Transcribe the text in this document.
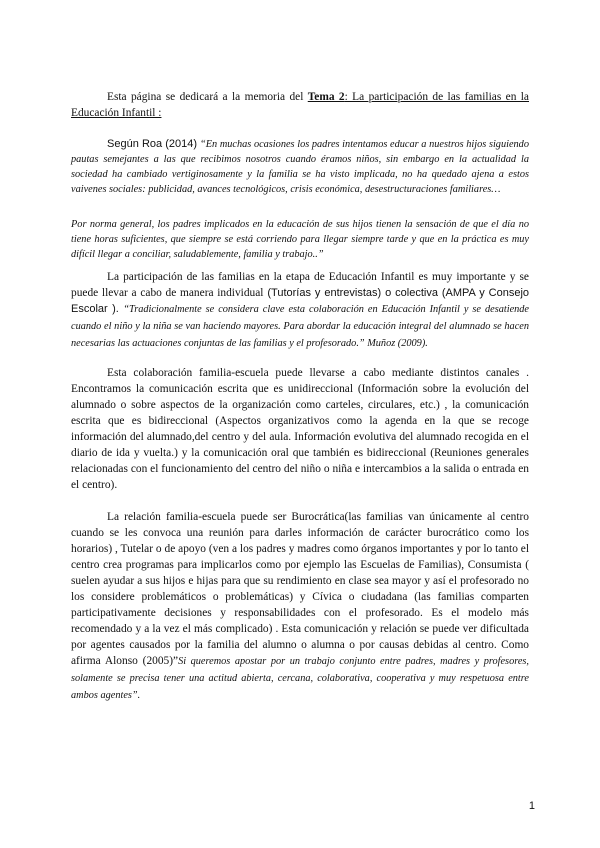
Esta página se dedicará a la memoria del Tema 2: La participación de las familias en la Educación Infantil :

Según Roa (2014) “En muchas ocasiones los padres intentamos educar a nuestros hijos siguiendo pautas semejantes a las que recibimos nosotros cuando éramos niños, sin embargo en la actualidad la sociedad ha cambiado vertiginosamente y la familia se ha visto implicada, no ha quedado ajena a estos vaivenes sociales: publicidad, avances tecnológicos, crisis económica, desestructuraciones familiares…

Por norma general, los padres implicados en la educación de sus hijos tienen la sensación de que el día no tiene horas suficientes, que siempre se está corriendo para llegar siempre tarde y que en la práctica es muy difícil llegar a conciliar, saludablemente, familia y trabajo..”

La participación de las familias en la etapa de Educación Infantil es muy importante y se puede llevar a cabo de manera individual (Tutorías y entrevistas) o colectiva (AMPA y Consejo Escolar ). “Tradicionalmente se considera clave esta colaboración en Educación Infantil y se desatiende cuando el niño y la niña se van haciendo mayores. Para abordar la educación integral del alumnado se hacen necesarias las actuaciones conjuntas de las familias y el profesorado.” Muñoz (2009).

Esta colaboración familia-escuela puede llevarse a cabo mediante distintos canales . Encontramos la comunicación escrita que es unidireccional (Información sobre la evolución del alumnado o sobre aspectos de la organización como carteles, circulares, etc.) , la comunicación escrita que es bidireccional (Aspectos organizativos como la agenda en la que se recoge información del alumnado,del centro y del aula. Información evolutiva del alumnado recogida en el diario de ida y vuelta.) y la comunicación oral que también es bidireccional (Reuniones generales relacionadas con el funcionamiento del centro del niño o niña e intercambios a la salida o entrada en el centro).

La relación familia-escuela puede ser Burocrática(las familias van únicamente al centro cuando se les convoca una reunión para darles información de carácter burocrático como los horarios) , Tutelar o de apoyo (ven a los padres y madres como órganos importantes y por lo tanto el centro crea programas para implicarlos como por ejemplo las Escuelas de Familias), Consumista ( suelen ayudar a sus hijos e hijas para que su rendimiento en clase sea mayor y así el profesorado no los considere problemáticos o problemáticas) y Cívica o ciudadana (las familias comparten participativamente decisiones y responsabilidades con el profesorado. Es el modelo más recomendado y a la vez el más complicado) . Esta comunicación y relación se puede ver dificultada por agentes causados por la familia del alumno o alumna o por causas debidas al centro. Como afirma Alonso (2005)”Si queremos apostar por un trabajo conjunto entre padres, madres y profesores, solamente se precisa tener una actitud abierta, cercana, colaborativa, cooperativa y muy respetuosa entre ambos agentes”.

1
